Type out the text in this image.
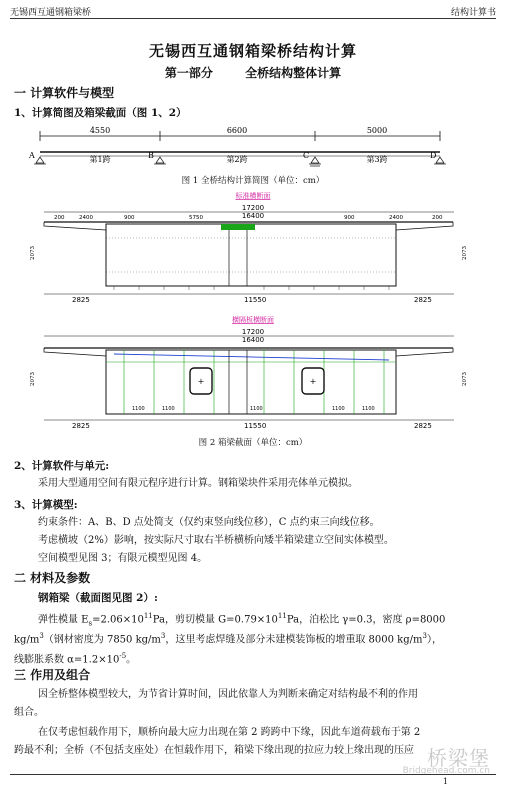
无锡西互通钢箱梁桥	结构计算书
无锡西互通钢箱梁桥结构计算
第一部分	全桥结构整体计算
一 计算软件与模型
1、计算简图及箱梁截面（图 1、2）
4550	6600	5000
A	B	C	D
第1跨	第2跨	第3跨
图 1 全桥结构计算简图（单位：cm）
标准横断面
17200
16400
200	2400	900	5750	900	2400	200
2073	2073
2825	11550	2825
横隔板横断面
17200
16400
+	+
1100	1100	1100	1100	1100
2073	2073
2825	11550	2825
图 2 箱梁截面（单位：cm）
2、计算软件与单元:
采用大型通用空间有限元程序进行计算。钢箱梁块件采用壳体单元模拟。
3、计算模型:
约束条件：A、B、D 点处简支（仅约束竖向线位移），C 点约束三向线位移。
考虑横坡（2%）影响，按实际尺寸取右半桥横桥向矮半箱梁建立空间实体模型。
空间模型见图 3；有限元模型见图 4。
二 材料及参数
钢箱梁（截面图见图 2）:
弹性模量 $E_s=2.06\times 10^{11}Pa$，剪切模量 $G=0.79\times 10^{11}Pa$，泊松比 γ=0.3，密度 ρ=8000
$kg/m^3$（钢材密度为 7850 $kg/m^3$，这里考虑焊缝及部分未建模装饰板的增重取 8000 $kg/m^3$），
线膨胀系数 $\alpha=1.2\times 10^{-5}$。
三 作用及组合
因全桥整体模型较大，为节省计算时间，因此依靠人为判断来确定对结构最不利的作用
组合。
在仅考虑恒载作用下，顺桥向最大应力出现在第 2 跨跨中下缘，因此车道荷载布于第 2
跨最不利；全桥（不包括支座处）在恒载作用下，箱梁下缘出现的拉应力较上缘出现的压应 桥梁堡
Bridgehead.com.cn
1
